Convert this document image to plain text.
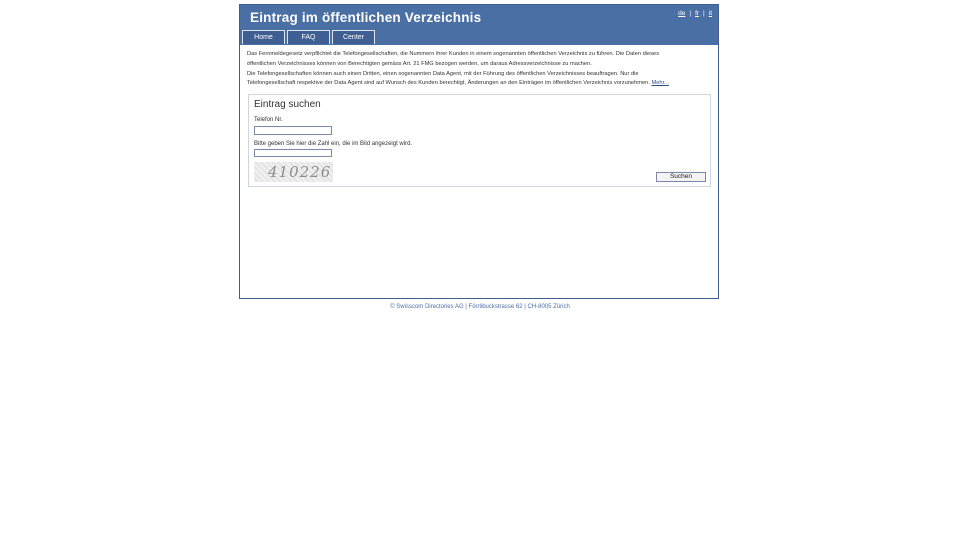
Eintrag im öffentlichen Verzeichnis	de | fr | it
Home	FAQ	Center
Das Fernmeldegesetz verpflichtet die Telefongesellschaften, die Nummern ihrer Kunden in einem sogenannten öffentlichen Verzeichnis zu führen. Die Daten dieses
öffentlichen Verzeichnisses können von Berechtigten gemäss Art. 21 FMG bezogen werden, um daraus Adressverzeichnisse zu machen.
Die Telefongesellschaften können auch einen Dritten, einen sogenannten Data Agent, mit der Führung des öffentlichen Verzeichnisses beauftragen. Nur die
Telefongesellschaft respektive der Data Agent sind auf Wunsch des Kunden berechtigt, Änderungen an den Einträgen im öffentlichen Verzeichnis vorzunehmen. Mehr...
Eintrag suchen
Telefon Nr.
Bitte geben Sie hier die Zahl ein, die im Bild angezeigt wird.
410226	Suchen
© Swisscom Directories AG | Förrlibuckstrasse 62 | CH-8005 Zürich
